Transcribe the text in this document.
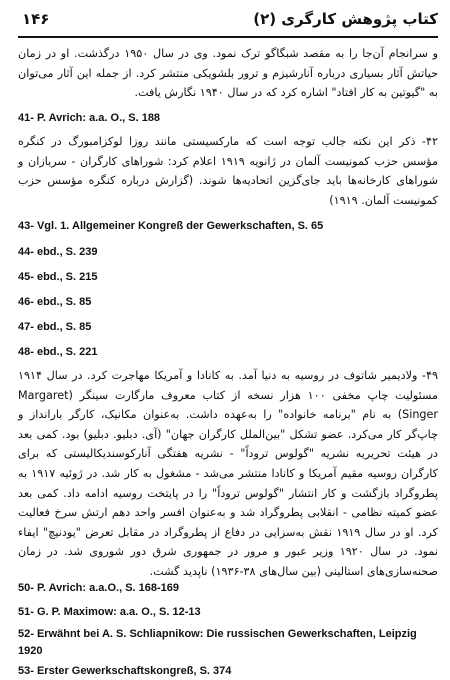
کتاب پژوهش کارگری (۲)
۱۴۶

و سرانجام آن‌جا را به مقصد شبگاگو ترک نمود. وی در سال ۱۹۵۰ درگذشت. او در زمان حیاتش آثار بسیاری درباره آنارشیزم و ترور بلشویکی منتشر کرد. از جمله این آثار می‌توان به "گیوتین به کار افتاد" اشاره کرد که در سال ۱۹۴۰ نگارش یافت.

41- P. Avrich: a.a. O., S. 188

۴۲- ذکر این نکته جالب توجه است که مارکسیستی مانند روزا لوکزامبورگ در کنگره مؤسس حزب کمونیست آلمان در ژانویه ۱۹۱۹ اعلام کرد: شوراهای کارگران - سربازان و شوراهای کارخانه‌ها باید جای‌گزین اتحادیه‌ها شوند. (گزارش درباره کنگره مؤسس حزب کمونیست آلمان. ۱۹۱۹)

43- Vgl. 1. Allgemeiner Kongreß der Gewerkschaften, S. 65

44- ebd., S. 239

45- ebd., S. 215

46- ebd., S. 85

47- ebd., S. 85

48- ebd., S. 221

۴۹- ولادیمیر شاتوف در روسیه به دنیا آمد. به کانادا و آمریکا مهاجرت کرد. در سال ۱۹۱۴ مسئولیت چاپ مخفی ۱۰۰ هزار نسخه از کتاب معروف مارگارت سینگر (Margaret Singer) به نام "برنامه خانواده" را به‌عهده داشت. به‌عنوان مکانیک، کارگر بارانداز و چاپ‌گر کار می‌کرد. عضو تشکل "بین‌الملل کارگران جهان" (آی. دبلیو. دبلیو) بود. کمی بعد در هیئت تحریریه نشریه "گولوس تروداً" - نشریه هفتگی آنارکوسندیکالیستی که برای کارگران روسیه مقیم آمریکا و کانادا منتشر می‌شد - مشغول به کار شد. در ژوئیه ۱۹۱۷ به پطروگراد بازگشت و کار انتشار "گولوس تروداً" را در پایتخت روسیه ادامه داد. کمی بعد عضو کمیته نظامی - انقلابی پطروگراد شد و به‌عنوان افسر واحد دهم ارتش سرخ فعالیت کرد. او در سال ۱۹۱۹ نقش به‌سزایی در دفاع از پطروگراد در مقابل تعرض "یودنیچ" ایفاء نمود. در سال ۱۹۲۰ وزیر عبور و مرور در جمهوری شرق دور شوروی شد. در زمان صحنه‌سازی‌های استالینی (بین سال‌های ۳۸-۱۹۳۶) ناپدید گشت.

50- P. Avrich: a.a.O., S. 168-169

51- G. P. Maximow: a.a. O., S. 12-13

52- Erwähnt bei A. S. Schliapnikow: Die russischen Gewerkschaften, Leipzig 1920

53- Erster Gewerkschaftskongreß, S. 374
